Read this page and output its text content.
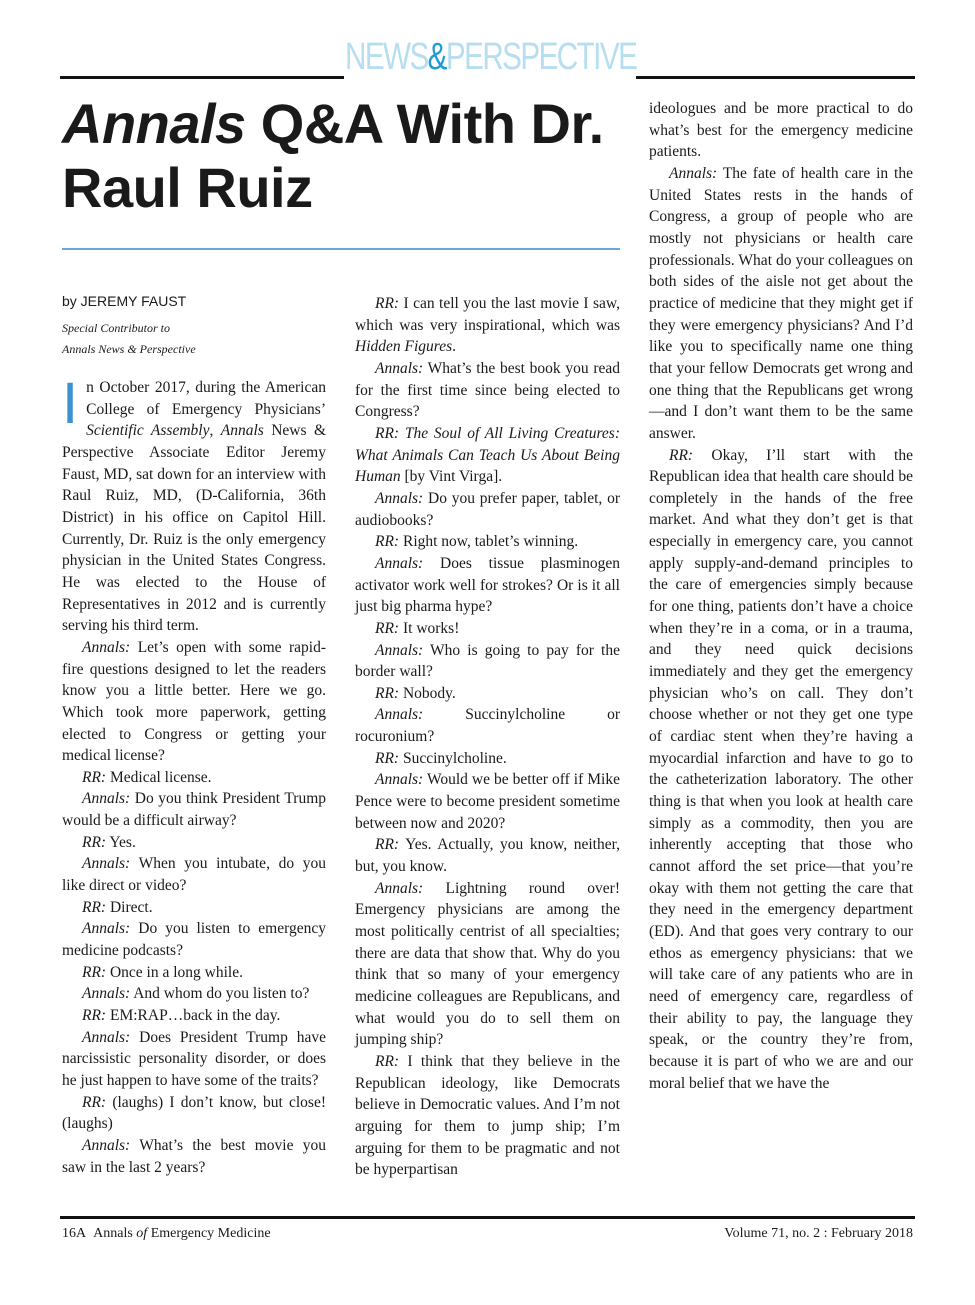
NEWS&PERSPECTIVE
Annals Q&A With Dr. Raul Ruiz
by JEREMY FAUST
Special Contributor to
Annals News & Perspective

In October 2017, during the American College of Emergency Physicians’ Scientific Assembly, Annals News & Perspective Associate Editor Jeremy Faust, MD, sat down for an interview with Raul Ruiz, MD, (D-California, 36th District) in his office on Capitol Hill. Currently, Dr. Ruiz is the only emergency physician in the United States Congress. He was elected to the House of Representatives in 2012 and is currently serving his third term.

Annals: Let’s open with some rapid-fire questions designed to let the readers know you a little better. Here we go. Which took more paperwork, getting elected to Congress or getting your medical license?

RR: Medical license.

Annals: Do you think President Trump would be a difficult airway?

RR: Yes.

Annals: When you intubate, do you like direct or video?

RR: Direct.

Annals: Do you listen to emergency medicine podcasts?

RR: Once in a long while.

Annals: And whom do you listen to?

RR: EM:RAP…back in the day.

Annals: Does President Trump have narcissistic personality disorder, or does he just happen to have some of the traits?

RR: (laughs) I don’t know, but close! (laughs)

Annals: What’s the best movie you saw in the last 2 years?

RR: I can tell you the last movie I saw, which was very inspirational, which was Hidden Figures.

Annals: What’s the best book you read for the first time since being elected to Congress?

RR: The Soul of All Living Creatures: What Animals Can Teach Us About Being Human [by Vint Virga].

Annals: Do you prefer paper, tablet, or audiobooks?

RR: Right now, tablet’s winning.

Annals: Does tissue plasminogen activator work well for strokes? Or is it all just big pharma hype?

RR: It works!

Annals: Who is going to pay for the border wall?

RR: Nobody.

Annals: Succinylcholine or rocuronium?

RR: Succinylcholine.

Annals: Would we be better off if Mike Pence were to become president sometime between now and 2020?

RR: Yes. Actually, you know, neither, but, you know.

Annals: Lightning round over! Emergency physicians are among the most politically centrist of all specialties; there are data that show that. Why do you think that so many of your emergency medicine colleagues are Republicans, and what would you do to sell them on jumping ship?

RR: I think that they believe in the Republican ideology, like Democrats believe in Democratic values. And I’m not arguing for them to jump ship; I’m arguing for them to be pragmatic and not be hyperpartisan

ideologues and be more practical to do what’s best for the emergency medicine patients.

Annals: The fate of health care in the United States rests in the hands of Congress, a group of people who are mostly not physicians or health care professionals. What do your colleagues on both sides of the aisle not get about the practice of medicine that they might get if they were emergency physicians? And I’d like you to specifically name one thing that your fellow Democrats get wrong and one thing that the Republicans get wrong—and I don’t want them to be the same answer.

RR: Okay, I’ll start with the Republican idea that health care should be completely in the hands of the free market. And what they don’t get is that especially in emergency care, you cannot apply supply-and-demand principles to the care of emergencies simply because for one thing, patients don’t have a choice when they’re in a coma, or in a trauma, and they need quick decisions immediately and they get the emergency physician who’s on call. They don’t choose whether or not they get one type of cardiac stent when they’re having a myocardial infarction and have to go to the catheterization laboratory. The other thing is that when you look at health care simply as a commodity, then you are inherently accepting that those who cannot afford the set price—that you’re okay with them not getting the care that they need in the emergency department (ED). And that goes very contrary to our ethos as emergency physicians: that we will take care of any patients who are in need of emergency care, regardless of their ability to pay, the language they speak, or the country they’re from, because it is part of who we are and our moral belief that we have the

16A Annals of Emergency Medicine	Volume 71, no. 2 : February 2018
